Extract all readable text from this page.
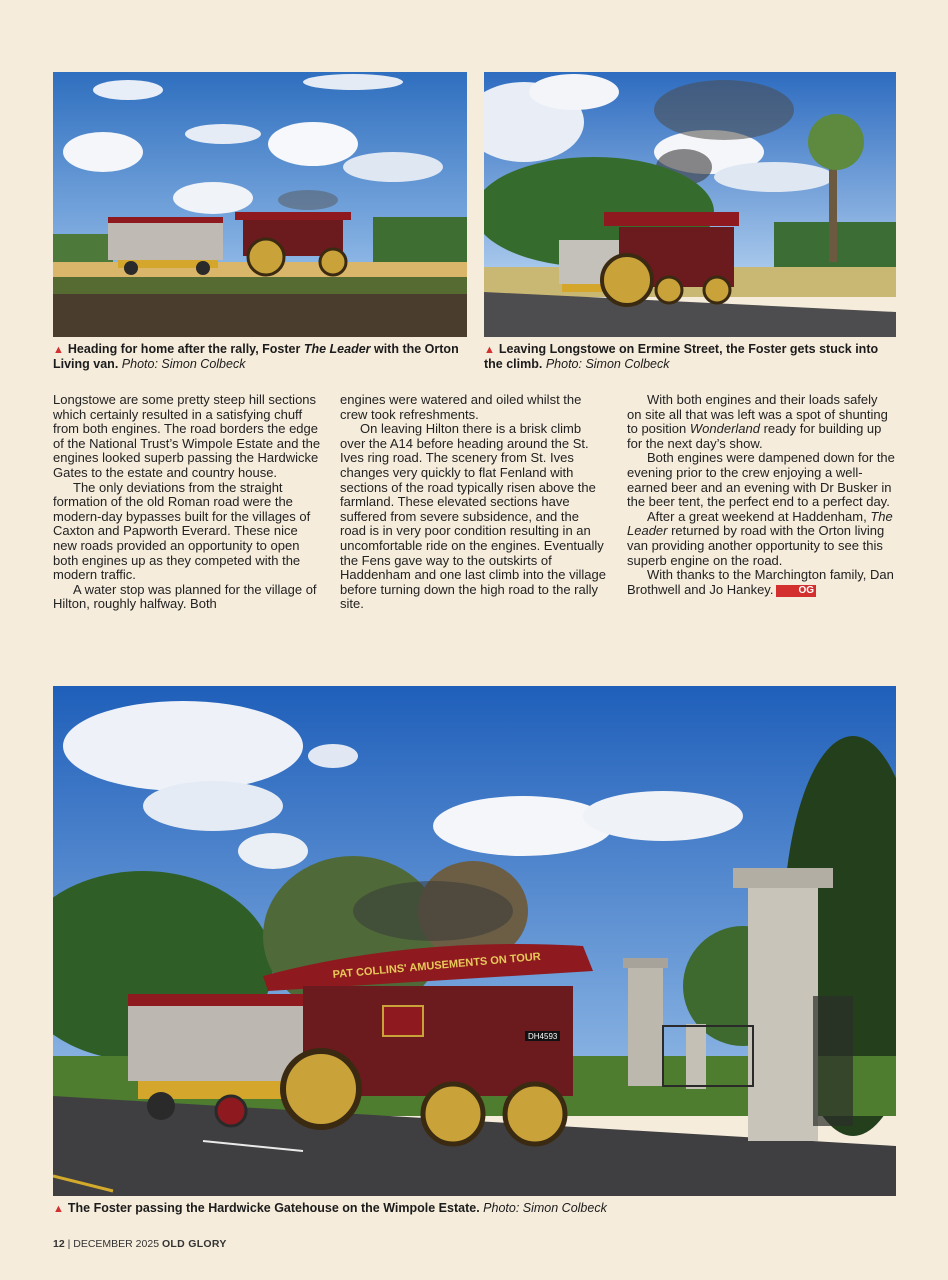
▲ Heading for home after the rally, Foster The Leader with the Orton Living van. Photo: Simon Colbeck
▲ Leaving Longstowe on Ermine Street, the Foster gets stuck into the climb. Photo: Simon Colbeck

Longstowe are some pretty steep hill sections which certainly resulted in a satisfying chuff from both engines. The road borders the edge of the National Trust’s Wimpole Estate and the engines looked superb passing the Hardwicke Gates to the estate and country house.

The only deviations from the straight formation of the old Roman road were the modern-day bypasses built for the villages of Caxton and Papworth Everard. These nice new roads provided an opportunity to open both engines up as they competed with the modern traffic.

A water stop was planned for the village of Hilton, roughly halfway. Both

engines were watered and oiled whilst the crew took refreshments.

On leaving Hilton there is a brisk climb over the A14 before heading around the St. Ives ring road. The scenery from St. Ives changes very quickly to flat Fenland with sections of the road typically risen above the farmland. These elevated sections have suffered from severe subsidence, and the road is in very poor condition resulting in an uncomfortable ride on the engines. Eventually the Fens gave way to the outskirts of Haddenham and one last climb into the village before turning down the high road to the rally site.

With both engines and their loads safely on site all that was left was a spot of shunting to position Wonderland ready for building up for the next day’s show.

Both engines were dampened down for the evening prior to the crew enjoying a well-earned beer and an evening with Dr Busker in the beer tent, the perfect end to a perfect day.

After a great weekend at Haddenham, The Leader returned by road with the Orton living van providing another opportunity to see this superb engine on the road.

With thanks to the Marchington family, Dan Brothwell and Jo Hankey.	OG

PAT COLLINS' AMUSEMENTS ON TOUR
DH4593
▲ The Foster passing the Hardwicke Gatehouse on the Wimpole Estate. Photo: Simon Colbeck
12 | DECEMBER 2025 OLD GLORY
